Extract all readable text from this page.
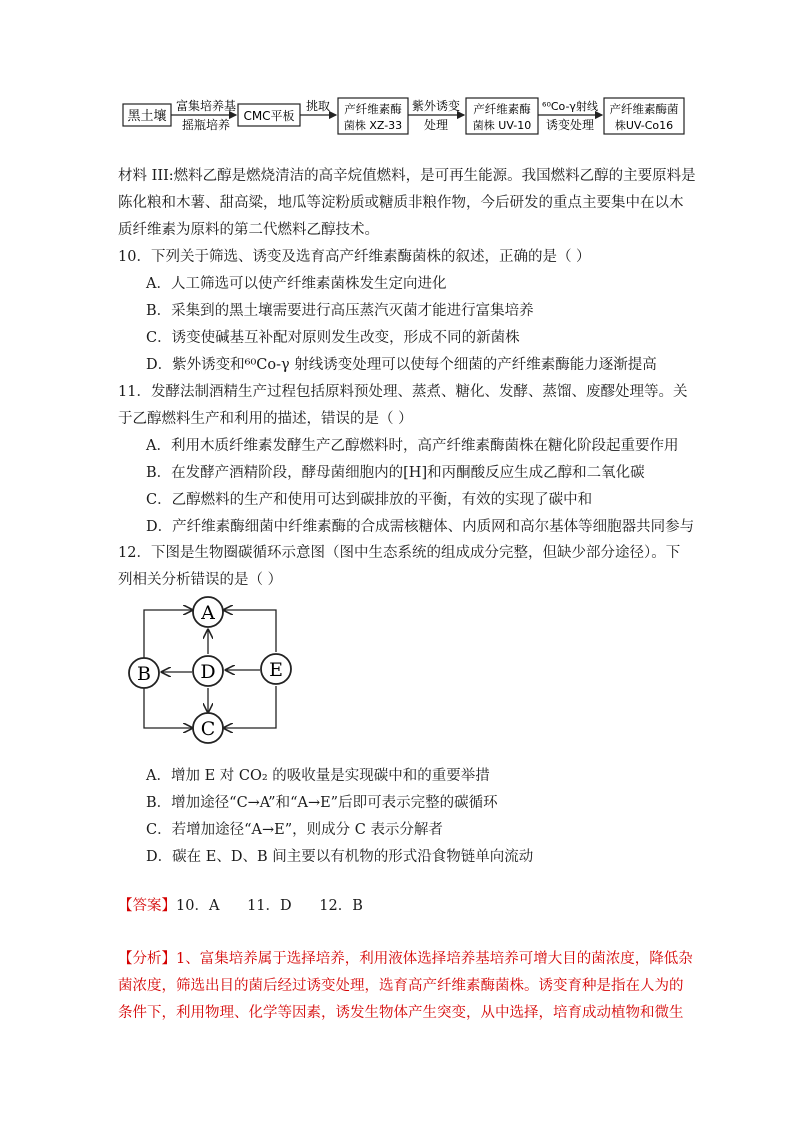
黑土壤
富集培养基
摇瓶培养
CMC平板
挑取 产纤维素酶
菌株 XZ-33
紫外诱变
处理
产纤维素酶
菌株 UV-10
⁶⁰Co-γ射线
诱变处理
产纤维素酶菌
株UV-Co16
材料 III:燃料乙醇是燃烧清洁的高辛烷值燃料，是可再生能源。我国燃料乙醇的主要原料是
陈化粮和木薯、甜高粱，地瓜等淀粉质或糖质非粮作物，今后研发的重点主要集中在以木
质纤维素为原料的第二代燃料乙醇技术。
10．下列关于筛选、诱变及选育高产纤维素酶菌株的叙述，正确的是（ ）
A．人工筛选可以使产纤维素菌株发生定向进化
B．采集到的黑土壤需要进行高压蒸汽灭菌才能进行富集培养
C．诱变使碱基互补配对原则发生改变，形成不同的新菌株
D．紫外诱变和⁶⁰Co-γ 射线诱变处理可以使每个细菌的产纤维素酶能力逐渐提高
11．发酵法制酒精生产过程包括原料预处理、蒸煮、糖化、发酵、蒸馏、废醪处理等。关
于乙醇燃料生产和利用的描述，错误的是（ ）
A．利用木质纤维素发酵生产乙醇燃料时，高产纤维素酶菌株在糖化阶段起重要作用
B．在发酵产酒精阶段，酵母菌细胞内的[H]和丙酮酸反应生成乙醇和二氧化碳
C．乙醇燃料的生产和使用可达到碳排放的平衡，有效的实现了碳中和
D．产纤维素酶细菌中纤维素酶的合成需核糖体、内质网和高尔基体等细胞器共同参与
12．下图是生物圈碳循环示意图（图中生态系统的组成成分完整，但缺少部分途径）。下
列相关分析错误的是（ ）
A
B	D	E
C
A．增加 E 对 CO₂ 的吸收量是实现碳中和的重要举措
B．增加途径“C→A”和“A→E”后即可表示完整的碳循环
C．若增加途径“A→E”，则成分 C 表示分解者
D．碳在 E、D、B 间主要以有机物的形式沿食物链单向流动
【答案】10．A      11．D      12．B
【分析】1、富集培养属于选择培养，利用液体选择培养基培养可增大目的菌浓度，降低杂
菌浓度，筛选出目的菌后经过诱变处理，选育高产纤维素酶菌株。诱变育种是指在人为的
条件下，利用物理、化学等因素，诱发生物体产生突变，从中选择，培育成动植物和微生
